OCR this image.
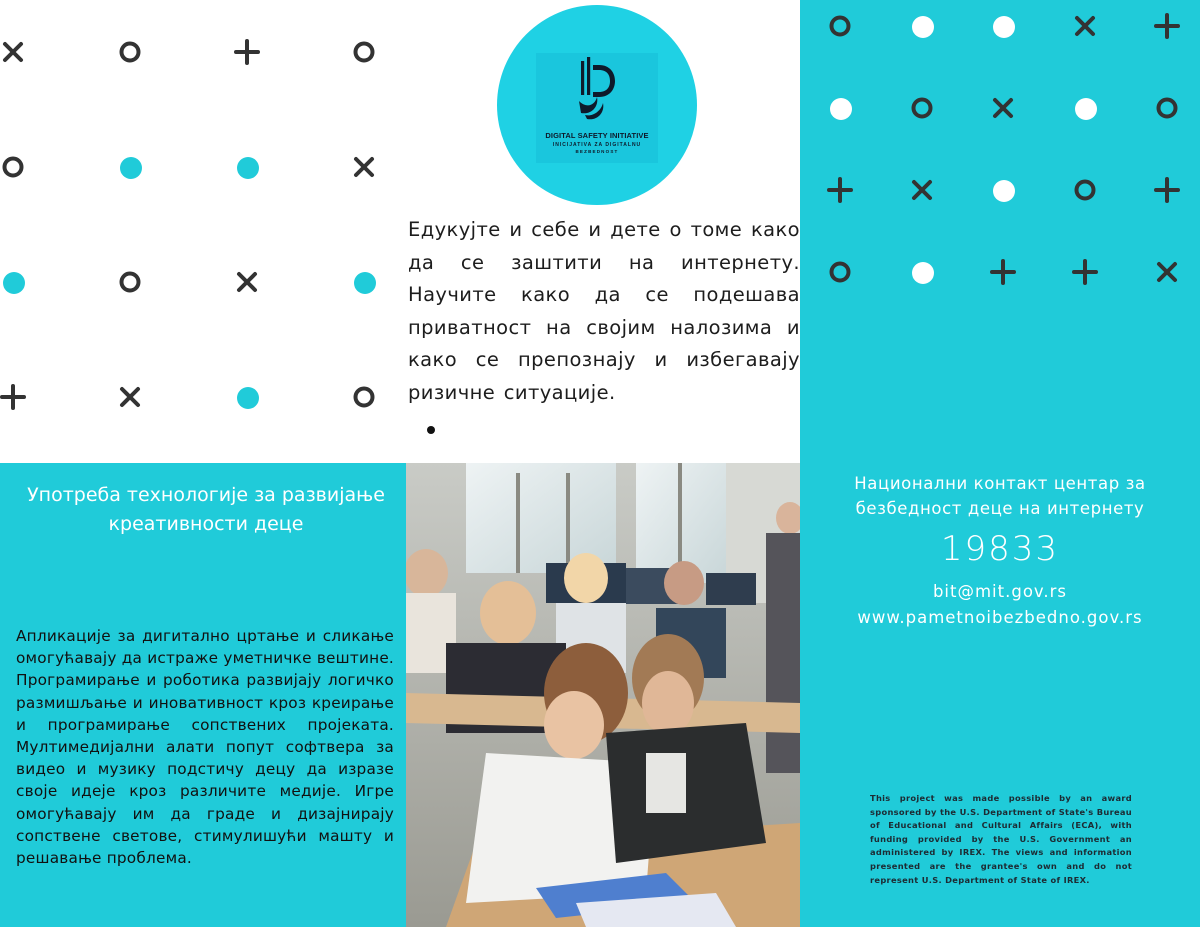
DIGITAL SAFETY INITIATIVE
INICIJATIVA ZA DIGITALNU
BEZBEDNOST

Едукујте и себе и дете о томе како да се заштити на интернету. Научите како да се подешава приватност на својим налозима и како се препознају и избегавају ризичне ситуације.

Употреба технологије за развијање креативности деце

Апликације за дигитално цртање и сликање омогућавају да истраже уметничке вештине. Програмирање и роботика развијају логичко размишљање и иновативност кроз креирање и програмирање сопствених пројеката. Мултимедијални алати попут софтвера за видео и музику подстичу децу да изразе своје идеје кроз различите медије. Игре омогућавају им да граде и дизајнирају сопствене светове, стимулишући машту и решавање проблема.

Национални контакт центар за безбедност деце на интернету
19833
bit@mit.gov.rs
www.pametnoibezbedno.gov.rs

This project was made possible by an award sponsored by the U.S. Department of State's Bureau of Educational and Cultural Affairs (ECA), with funding provided by the U.S. Government an administered by IREX. The views and information presented are the grantee's own and do not represent U.S. Department of State of IREX.
